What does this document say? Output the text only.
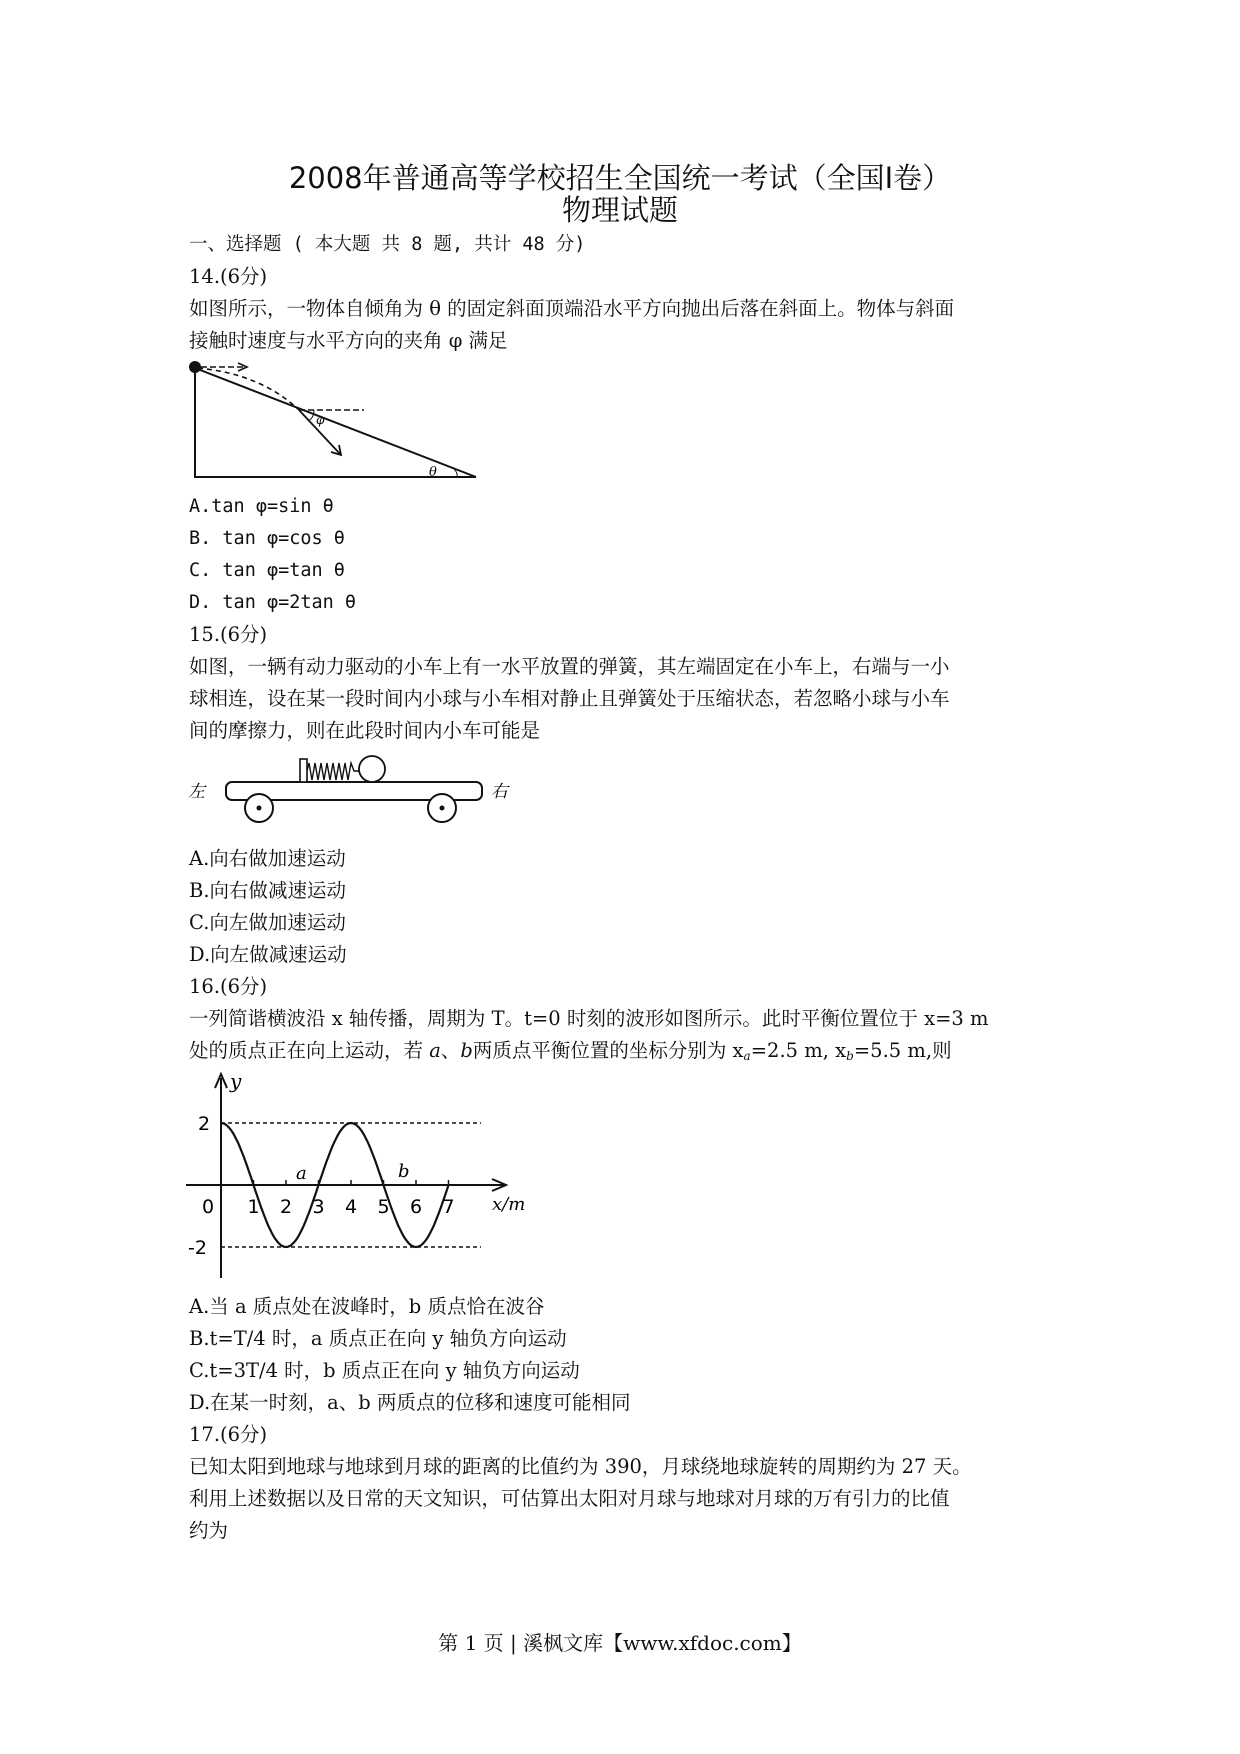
2008年普通高等学校招生全国统一考试（全国Ⅰ卷）
物理试题
一、选择题 ( 本大题 共 8 题, 共计 48 分)
14.(6分)
如图所示，一物体自倾角为 θ 的固定斜面顶端沿水平方向抛出后落在斜面上。物体与斜面
接触时速度与水平方向的夹角 φ 满足
φ
θ
A.tan φ=sin θ
B. tan φ=cos θ
C. tan φ=tan θ
D. tan φ=2tan θ
15.(6分)
如图，一辆有动力驱动的小车上有一水平放置的弹簧，其左端固定在小车上，右端与一小
球相连，设在某一段时间内小球与小车相对静止且弹簧处于压缩状态，若忽略小球与小车
间的摩擦力，则在此段时间内小车可能是
左	右
A.向右做加速运动
B.向右做减速运动
C.向左做加速运动
D.向左做减速运动
16.(6分)
一列简谐横波沿 x 轴传播，周期为 T。t=0 时刻的波形如图所示。此时平衡位置位于 x=3 m
处的质点正在向上运动，若 a、b两质点平衡位置的坐标分别为 $x_a=2.5$ m, $x_b=5.5$ m,则
1 2 3 4 5 6 7
y
x/m
0
2
-2
a	b
A.当 a 质点处在波峰时，b 质点恰在波谷
B.t=T/4 时，a 质点正在向 y 轴负方向运动
C.t=3T/4 时，b 质点正在向 y 轴负方向运动
D.在某一时刻，a、b 两质点的位移和速度可能相同
17.(6分)
已知太阳到地球与地球到月球的距离的比值约为 390，月球绕地球旋转的周期约为 27 天。
利用上述数据以及日常的天文知识，可估算出太阳对月球与地球对月球的万有引力的比值
约为
第 1 页 | 溪枫文库【www.xfdoc.com】
